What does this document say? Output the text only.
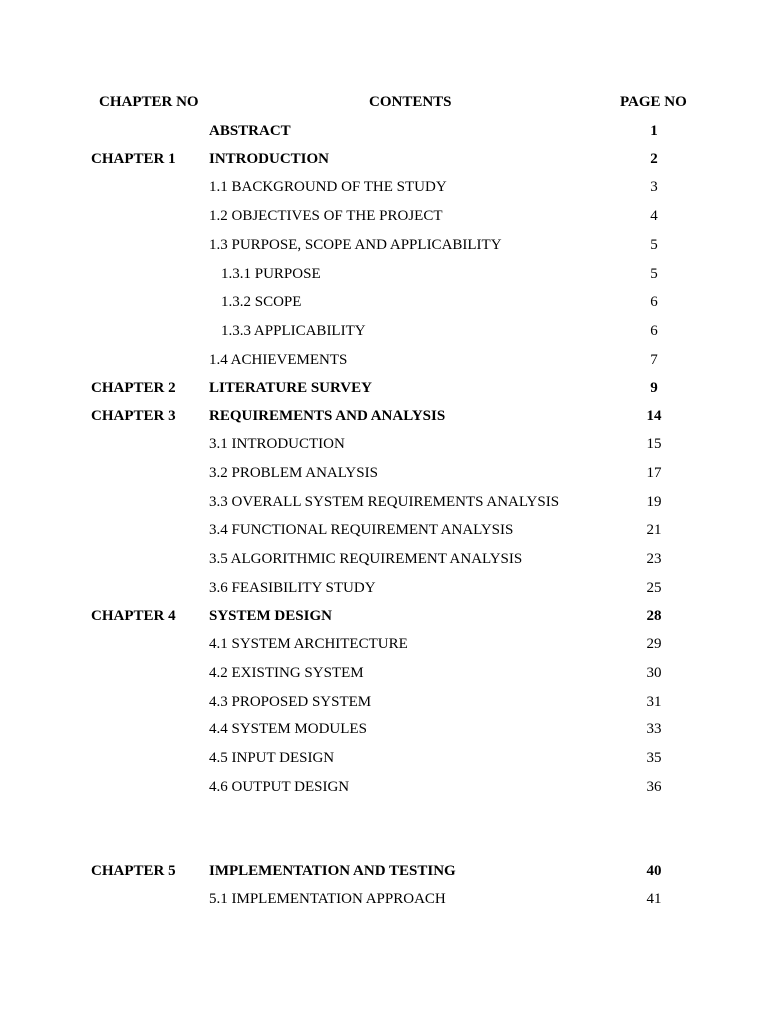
CHAPTER NO	CONTENTS	PAGE NO
ABSTRACT	1
CHAPTER 1 INTRODUCTION	2
1.1 BACKGROUND OF THE STUDY	3
1.2 OBJECTIVES OF THE PROJECT	4
1.3 PURPOSE, SCOPE AND APPLICABILITY	5
1.3.1 PURPOSE	5
1.3.2 SCOPE	6
1.3.3 APPLICABILITY	6
1.4 ACHIEVEMENTS	7
CHAPTER 2 LITERATURE SURVEY	9
CHAPTER 3 REQUIREMENTS AND ANALYSIS	14
3.1 INTRODUCTION	15
3.2 PROBLEM ANALYSIS	17
3.3 OVERALL SYSTEM REQUIREMENTS ANALYSIS	19
3.4 FUNCTIONAL REQUIREMENT ANALYSIS	21
3.5 ALGORITHMIC REQUIREMENT ANALYSIS	23
3.6 FEASIBILITY STUDY	25
CHAPTER 4 SYSTEM DESIGN	28
4.1 SYSTEM ARCHITECTURE	29
4.2 EXISTING SYSTEM	30
4.3 PROPOSED SYSTEM	31
4.4 SYSTEM MODULES	33
4.5 INPUT DESIGN	35
4.6 OUTPUT DESIGN	36
CHAPTER 5 IMPLEMENTATION AND TESTING	40
5.1 IMPLEMENTATION APPROACH	41
